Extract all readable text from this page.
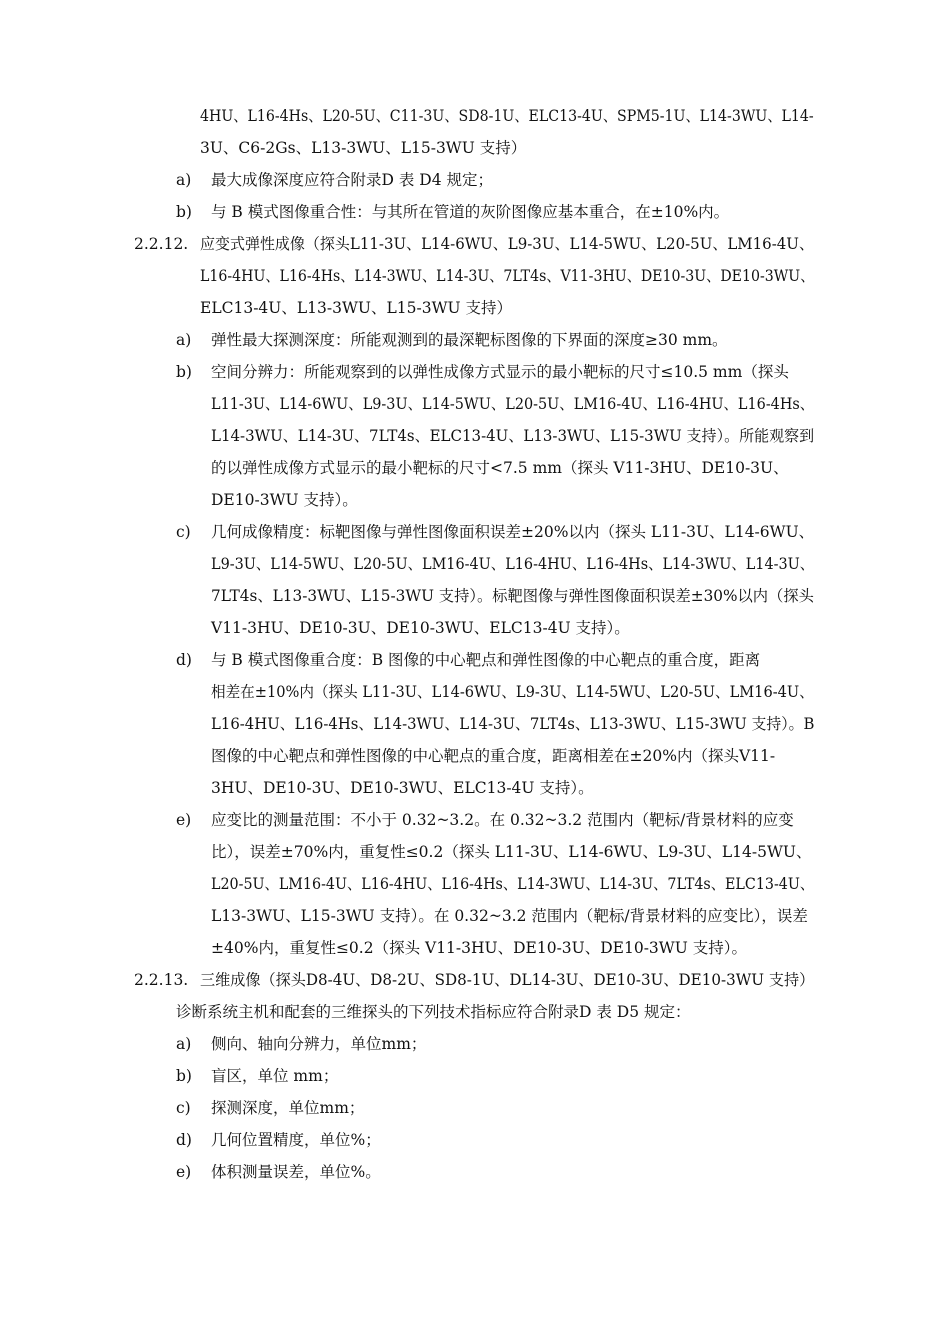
4HU、L16-4Hs、L20-5U、C11-3U、SD8-1U、ELC13-4U、SPM5-1U、L14-3WU、L14-
3U、C6-2Gs、L13-3WU、L15-3WU 支持）
a) 最大成像深度应符合附录D 表 D4 规定；
b) 与 B 模式图像重合性：与其所在管道的灰阶图像应基本重合，在±10%内。
2.2.12. 应变式弹性成像（探头L11-3U、L14-6WU、L9-3U、L14-5WU、L20-5U、LM16-4U、
L16-4HU、L16-4Hs、L14-3WU、L14-3U、7LT4s、V11-3HU、DE10-3U、DE10-3WU、
ELC13-4U、L13-3WU、L15-3WU 支持）
a) 弹性最大探测深度：所能观测到的最深靶标图像的下界面的深度≥30 mm。
b) 空间分辨力：所能观察到的以弹性成像方式显示的最小靶标的尺寸≤10.5 mm（探头
L11-3U、L14-6WU、L9-3U、L14-5WU、L20-5U、LM16-4U、L16-4HU、L16-4Hs、
L14-3WU、L14-3U、7LT4s、ELC13-4U、L13-3WU、L15-3WU 支持）。所能观察到
的以弹性成像方式显示的最小靶标的尺寸<7.5 mm（探头 V11-3HU、DE10-3U、
DE10-3WU 支持）。
c) 几何成像精度：标靶图像与弹性图像面积误差±20%以内（探头 L11-3U、L14-6WU、
L9-3U、L14-5WU、L20-5U、LM16-4U、L16-4HU、L16-4Hs、L14-3WU、L14-3U、
7LT4s、L13-3WU、L15-3WU 支持）。标靶图像与弹性图像面积误差±30%以内（探头
V11-3HU、DE10-3U、DE10-3WU、ELC13-4U 支持）。
d) 与 B 模式图像重合度：B 图像的中心靶点和弹性图像的中心靶点的重合度，距离
相差在±10%内（探头 L11-3U、L14-6WU、L9-3U、L14-5WU、L20-5U、LM16-4U、
L16-4HU、L16-4Hs、L14-3WU、L14-3U、7LT4s、L13-3WU、L15-3WU 支持）。B
图像的中心靶点和弹性图像的中心靶点的重合度，距离相差在±20%内（探头V11-
3HU、DE10-3U、DE10-3WU、ELC13-4U 支持）。
e) 应变比的测量范围：不小于 0.32~3.2。在 0.32~3.2 范围内（靶标/背景材料的应变
比），误差±70%内，重复性≤0.2（探头 L11-3U、L14-6WU、L9-3U、L14-5WU、
L20-5U、LM16-4U、L16-4HU、L16-4Hs、L14-3WU、L14-3U、7LT4s、ELC13-4U、
L13-3WU、L15-3WU 支持）。在 0.32~3.2 范围内（靶标/背景材料的应变比），误差
±40%内，重复性≤0.2（探头 V11-3HU、DE10-3U、DE10-3WU 支持）。
2.2.13. 三维成像（探头D8-4U、D8-2U、SD8-1U、DL14-3U、DE10-3U、DE10-3WU 支持）
诊断系统主机和配套的三维探头的下列技术指标应符合附录D 表 D5 规定：
a) 侧向、轴向分辨力，单位mm；
b) 盲区，单位 mm；
c) 探测深度，单位mm；
d) 几何位置精度，单位%；
e) 体积测量误差，单位%。
